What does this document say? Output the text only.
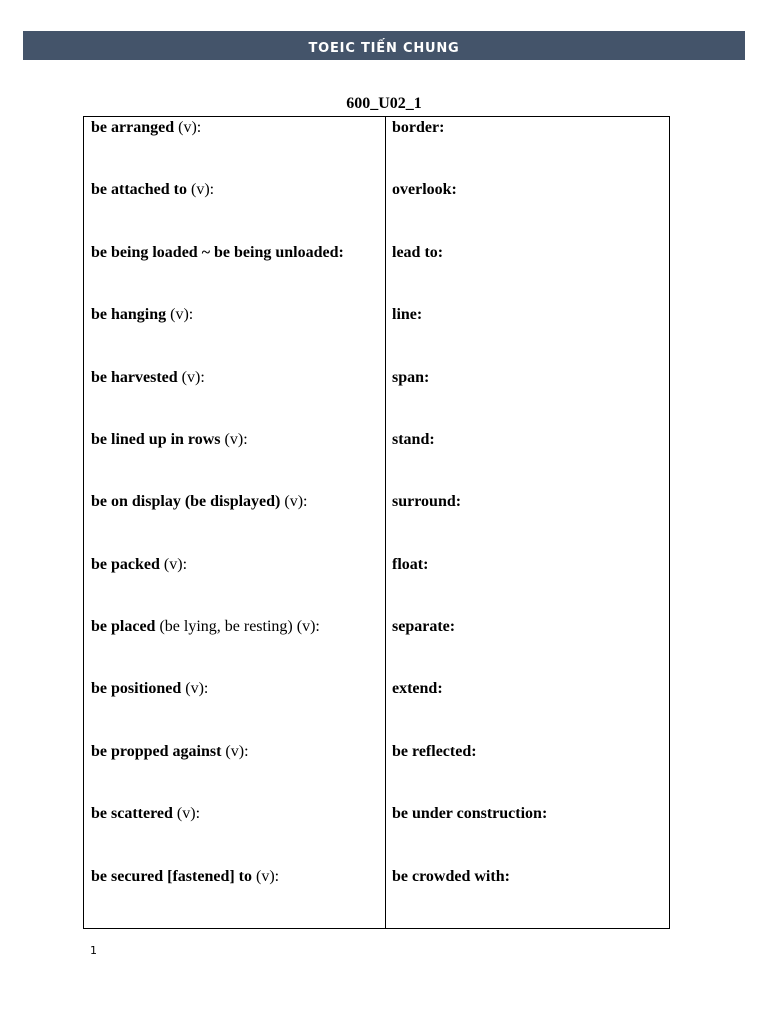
TOEIC TIẾN CHUNG
600_U02_1
be arranged (v):
be attached to (v):
be being loaded ~ be being unloaded:
be hanging (v):
be harvested (v):
be lined up in rows (v):
be on display (be displayed) (v):
be packed (v):
be placed (be lying, be resting) (v):
be positioned (v):
be propped against (v):
be scattered (v):
be secured [fastened] to (v):
border:
overlook:
lead to:
line:
span:
stand:
surround:
float:
separate:
extend:
be reflected:
be under construction:
be crowded with:
1
